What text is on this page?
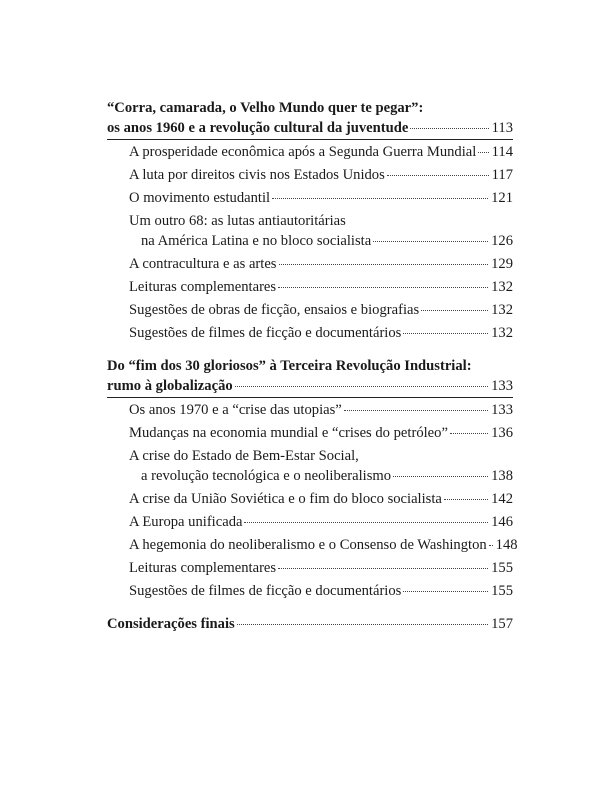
“Corra, camarada, o Velho Mundo quer te pegar”:
os anos 1960 e a revolução cultural da juventude	113
A prosperidade econômica após a Segunda Guerra Mundial 114
A luta por direitos civis nos Estados Unidos	117
O movimento estudantil	121
Um outro 68: as lutas antiautoritárias
na América Latina e no bloco socialista	126
A contracultura e as artes	129
Leituras complementares	132
Sugestões de obras de ficção, ensaios e biografias	132
Sugestões de filmes de ficção e documentários	132
Do “fim dos 30 gloriosos” à Terceira Revolução Industrial:
rumo à globalização	133
Os anos 1970 e a “crise das utopias”	133
Mudanças na economia mundial e “crises do petróleo”	136
A crise do Estado de Bem-Estar Social,
a revolução tecnológica e o neoliberalismo	138
A crise da União Soviética e o fim do bloco socialista	142
A Europa unificada	146
A hegemonia do neoliberalismo e o Consenso de Washington 148
Leituras complementares	155
Sugestões de filmes de ficção e documentários	155
Considerações finais	157
